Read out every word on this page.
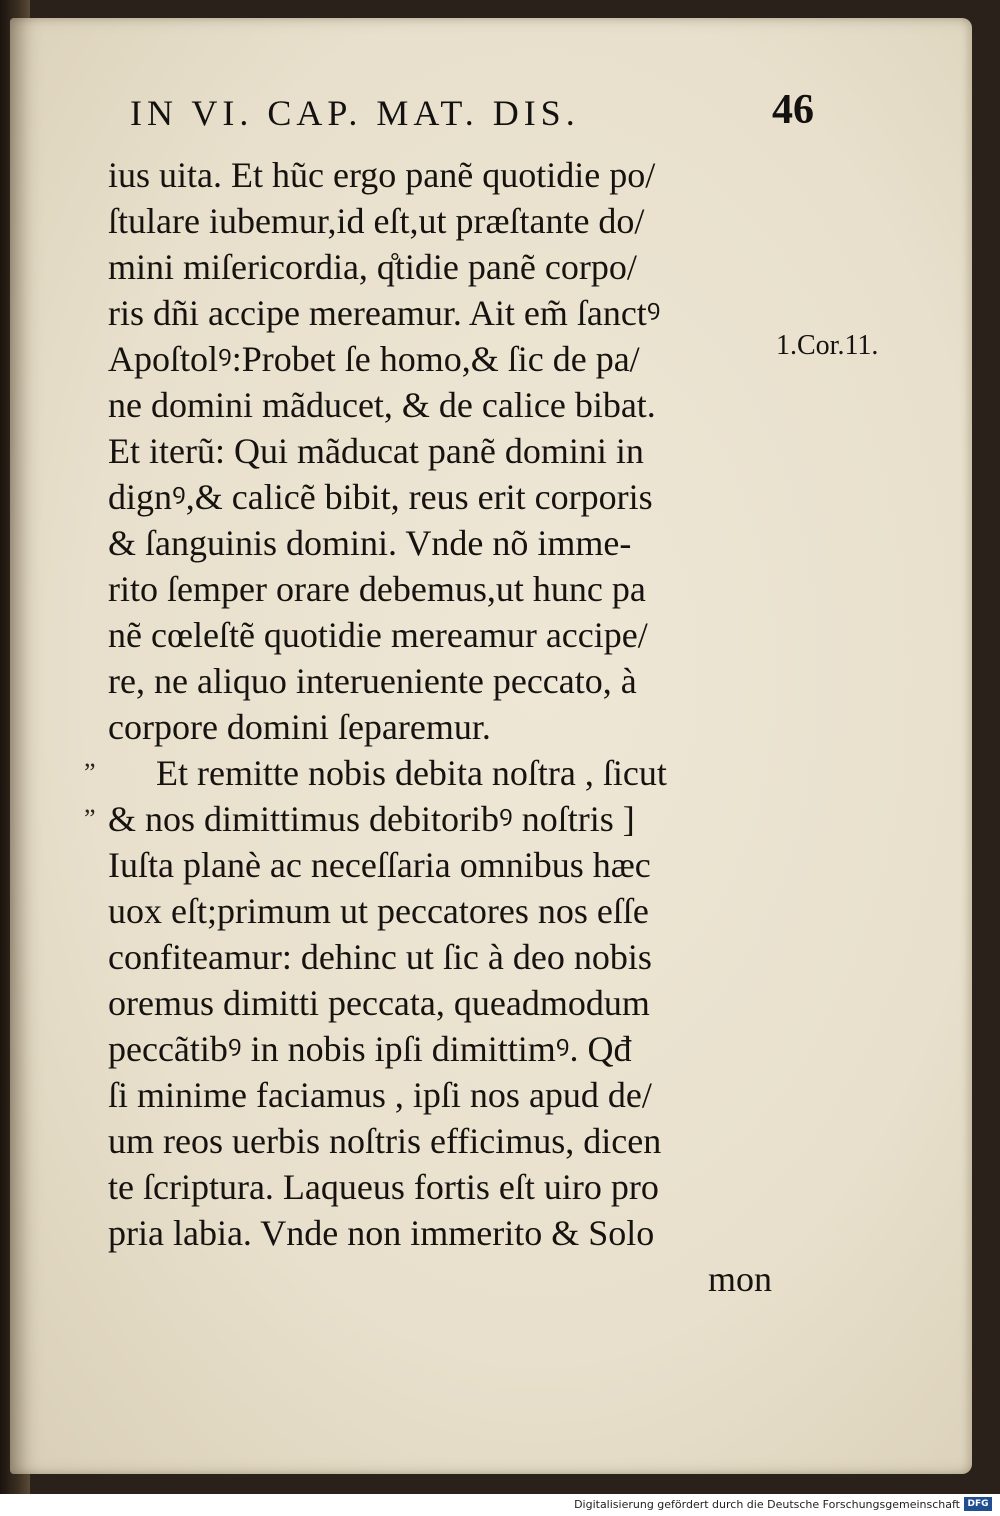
IN VI. CAP. MAT. DIS.	46
ius uita. Et hũc ergo panẽ quotidie po/
ſtulare iubemur,id eſt,ut præſtante do/
mini miſericordia, q̊tidie panẽ corpo/
ris dñi accipe mereamur. Ait em̃ ſanctꝰ
Apoſtolꝰ:Probet ſe homo,& ſic de pa/
ne domini mãducet, & de calice bibat.
Et iterũ: Qui mãducat panẽ domini in
dignꝰ,& calicẽ bibit, reus erit corporis
& ſanguinis domini. Vnde nõ imme-
rito ſemper orare debemus,ut hunc pa
nẽ cœleſtẽ quotidie mereamur accipe/
re, ne aliquo interueniente peccato, à
corpore domini ſeparemur.
” Et remitte nobis debita noſtra , ſicut
” & nos dimittimus debitoribꝰ noſtris ]
Iuſta planè ac neceſſaria omnibus hæc
uox eſt;primum ut peccatores nos eſſe
confiteamur: dehinc ut ſic à deo nobis
oremus dimitti peccata, queadmodum
peccãtibꝰ in nobis ipſi dimittimꝰ. Qđ
ſi minime faciamus , ipſi nos apud de/
um reos uerbis noſtris efficimus, dicen
te ſcriptura. Laqueus fortis eſt uiro pro
pria labia. Vnde non immerito & Solo
mon
1.Cor.11.
Digitalisierung gefördert durch die Deutsche Forschungsgemeinschaft DFG
